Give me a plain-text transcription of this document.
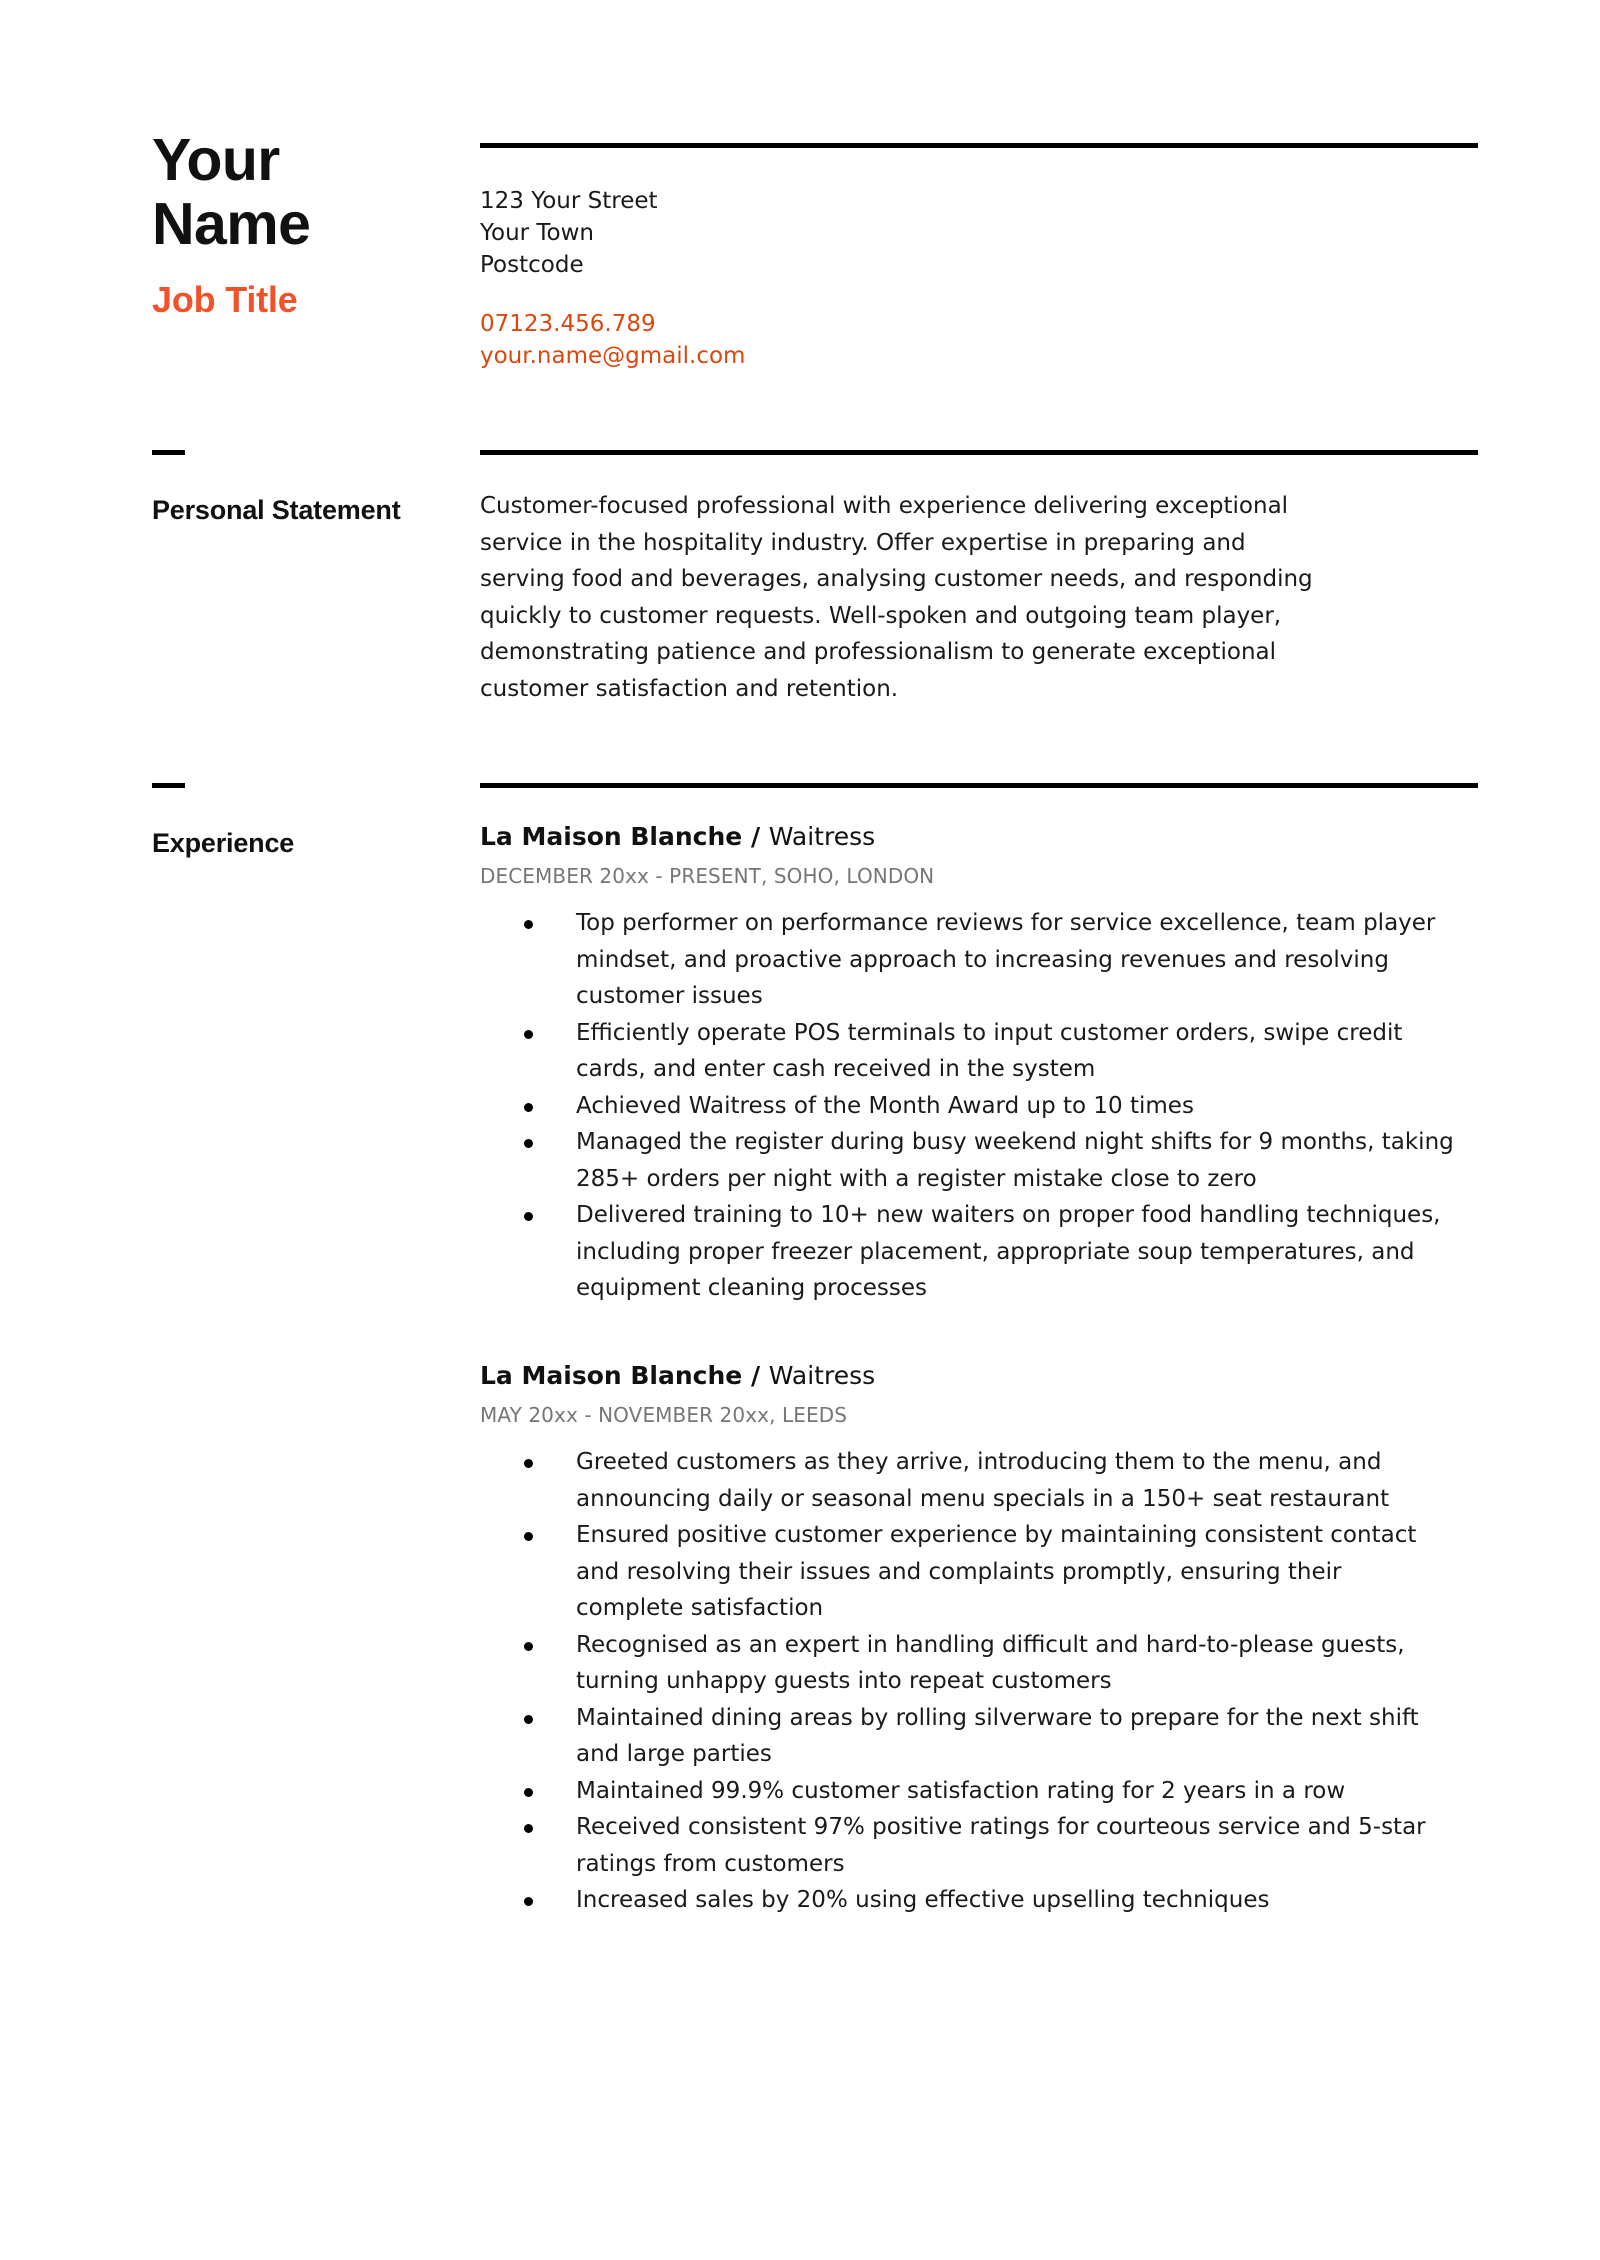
Your
Name
Job Title
123 Your Street
Your Town
Postcode
07123.456.789
your.name@gmail.com
Personal Statement	Customer-focused professional with experience delivering exceptional service in the hospitality industry. Offer expertise in preparing and serving food and beverages, analysing customer needs, and responding quickly to customer requests. Well-spoken and outgoing team player, demonstrating patience and professionalism to generate exceptional customer satisfaction and retention.

Experience	La Maison Blanche / Waitress
DECEMBER 20xx - PRESENT, SOHO, LONDON
Top performer on performance reviews for service excellence, team player mindset, and proactive approach to increasing revenues and resolving customer issues
Efficiently operate POS terminals to input customer orders, swipe credit cards, and enter cash received in the system
Achieved Waitress of the Month Award up to 10 times
Managed the register during busy weekend night shifts for 9 months, taking 285+ orders per night with a register mistake close to zero
Delivered training to 10+ new waiters on proper food handling techniques, including proper freezer placement, appropriate soup temperatures, and equipment cleaning processes
La Maison Blanche / Waitress
MAY 20xx - NOVEMBER 20xx, LEEDS
Greeted customers as they arrive, introducing them to the menu, and announcing daily or seasonal menu specials in a 150+ seat restaurant
Ensured positive customer experience by maintaining consistent contact and resolving their issues and complaints promptly, ensuring their complete satisfaction
Recognised as an expert in handling difficult and hard-to-please guests, turning unhappy guests into repeat customers
Maintained dining areas by rolling silverware to prepare for the next shift and large parties
Maintained 99.9% customer satisfaction rating for 2 years in a row
Received consistent 97% positive ratings for courteous service and 5-star ratings from customers
Increased sales by 20% using effective upselling techniques
